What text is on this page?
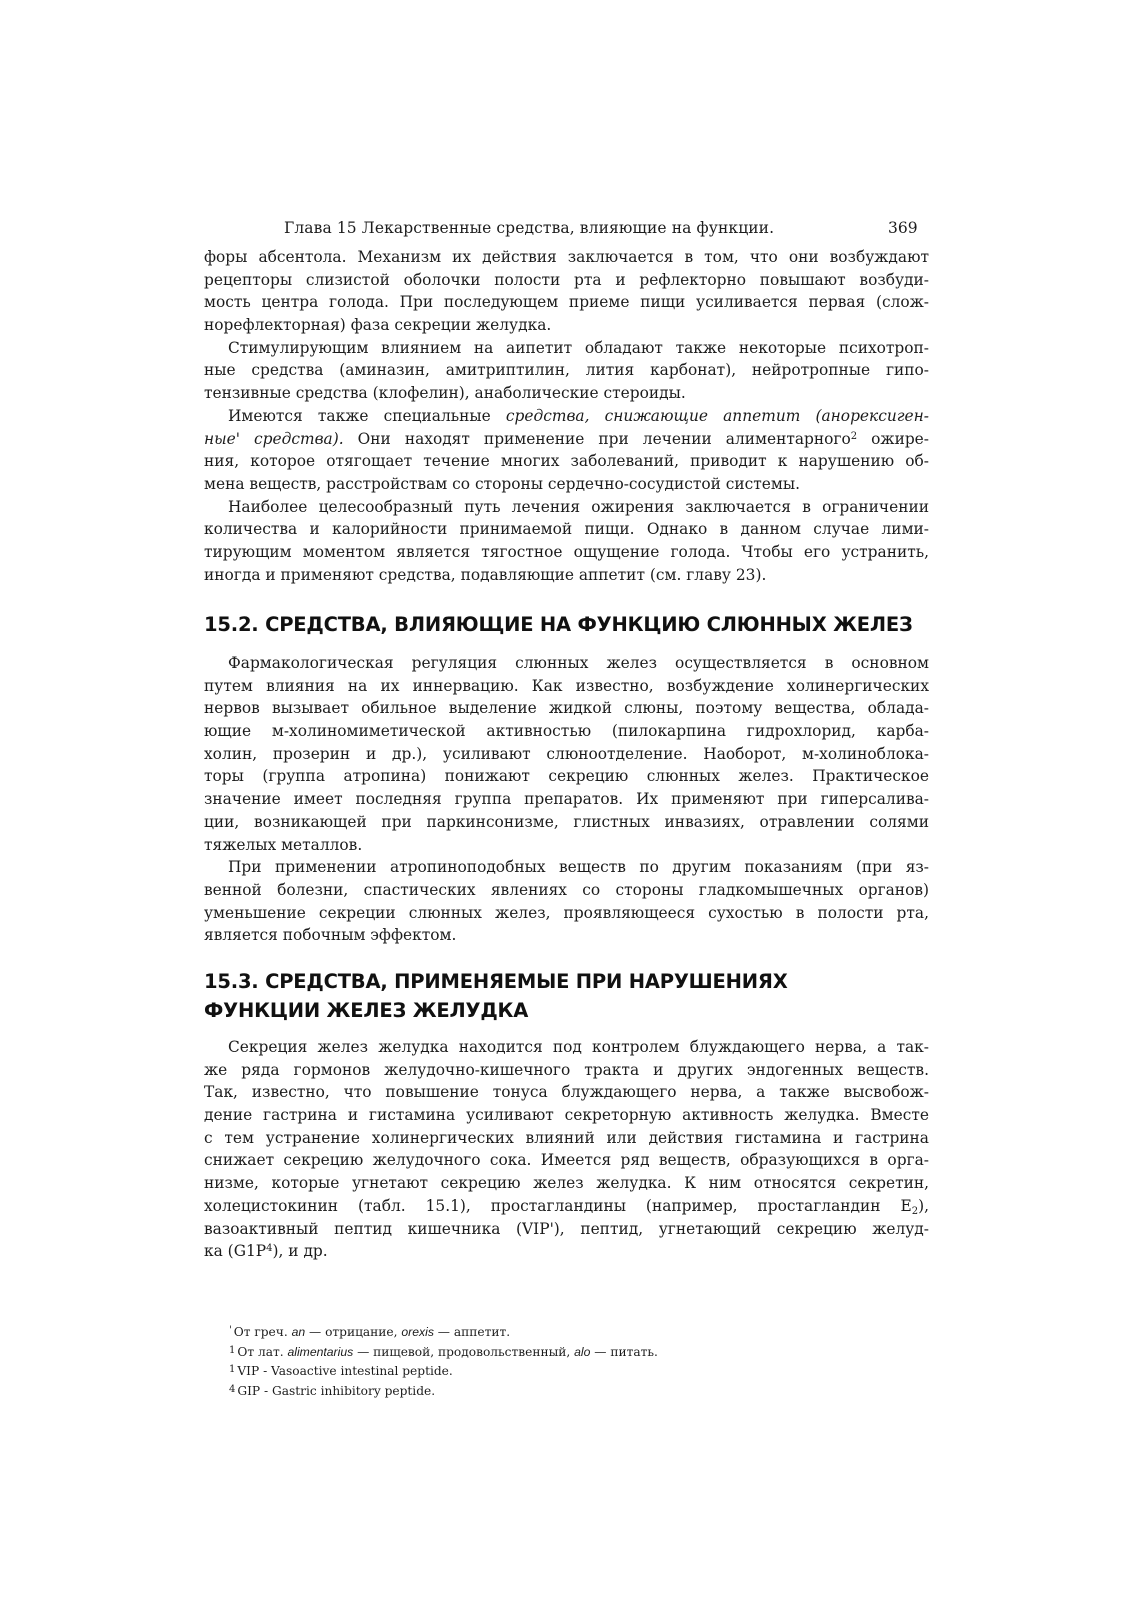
Глава 15 Лекарственные средства, влияющие на функции.	369
форы абсентола. Механизм их действия заключается в том, что они возбуждают
рецепторы слизистой оболочки полости рта и рефлекторно повышают возбуди-
мость центра голода. При последующем приеме пищи усиливается первая (слож-
норефлекторная) фаза секреции желудка.
Стимулирующим влиянием на аипетит обладают также некоторые психотроп-
ные средства (аминазин, амитриптилин, лития карбонат), нейротропные гипо-
тензивные средства (клофелин), анаболические стероиды.
Имеются также специальные средства, снижающие аппетит (анорексиген-
ные' средства). Они находят применение при лечении алиментарного$^2$ ожире-
ния, которое отягощает течение многих заболеваний, приводит к нарушению об-
мена веществ, расстройствам со стороны сердечно-сосудистой системы.
Наиболее целесообразный путь лечения ожирения заключается в ограничении
количества и калорийности принимаемой пищи. Однако в данном случае лими-
тирующим моментом является тягостное ощущение голода. Чтобы его устранить,
иногда и применяют средства, подавляющие аппетит (см. главу 23).
15.2. СРЕДСТВА, ВЛИЯЮЩИЕ НА ФУНКЦИЮ СЛЮННЫХ ЖЕЛЕЗ
Фармакологическая регуляция слюнных желез осуществляется в основном
путем влияния на их иннервацию. Как известно, возбуждение холинергических
нервов вызывает обильное выделение жидкой слюны, поэтому вещества, облада-
ющие м-холиномиметической активностью (пилокарпина гидрохлорид, карба-
холин, прозерин и др.), усиливают слюноотделение. Наоборот, м-холиноблока-
торы (группа атропина) понижают секрецию слюнных желез. Практическое
значение имеет последняя группа препаратов. Их применяют при гиперсалива-
ции, возникающей при паркинсонизме, глистных инвазиях, отравлении солями
тяжелых металлов.
При применении атропиноподобных веществ по другим показаниям (при яз-
венной болезни, спастических явлениях со стороны гладкомышечных органов)
уменьшение секреции слюнных желез, проявляющееся сухостью в полости рта,
является побочным эффектом.
15.3. СРЕДСТВА, ПРИМЕНЯЕМЫЕ ПРИ НАРУШЕНИЯХ
ФУНКЦИИ ЖЕЛЕЗ ЖЕЛУДКА
Секреция желез желудка находится под контролем блуждающего нерва, а так-
же ряда гормонов желудочно-кишечного тракта и других эндогенных веществ.
Так, известно, что повышение тонуса блуждающего нерва, а также высвобож-
дение гастрина и гистамина усиливают секреторную активность желудка. Вместе
с тем устранение холинергических влияний или действия гистамина и гастрина
снижает секрецию желудочного сока. Имеется ряд веществ, образующихся в орга-
низме, которые угнетают секрецию желез желудка. К ним относятся секретин,
холецистокинин (табл. 15.1), простагландины (например, простагландин $E_2$),
вазоактивный пептид кишечника (VIP'), пептид, угнетающий секрецию желуд-
ка $(G1P^4)$, и др.
' От греч. an — отрицание, orexis — аппетит.
$^1$ От лат. alimentarius — пищевой, продовольственный, alo — питать.
$^1$ VIP - Vasoactive intestinal peptide.
$^4$ GIP - Gastric inhibitory peptide.
